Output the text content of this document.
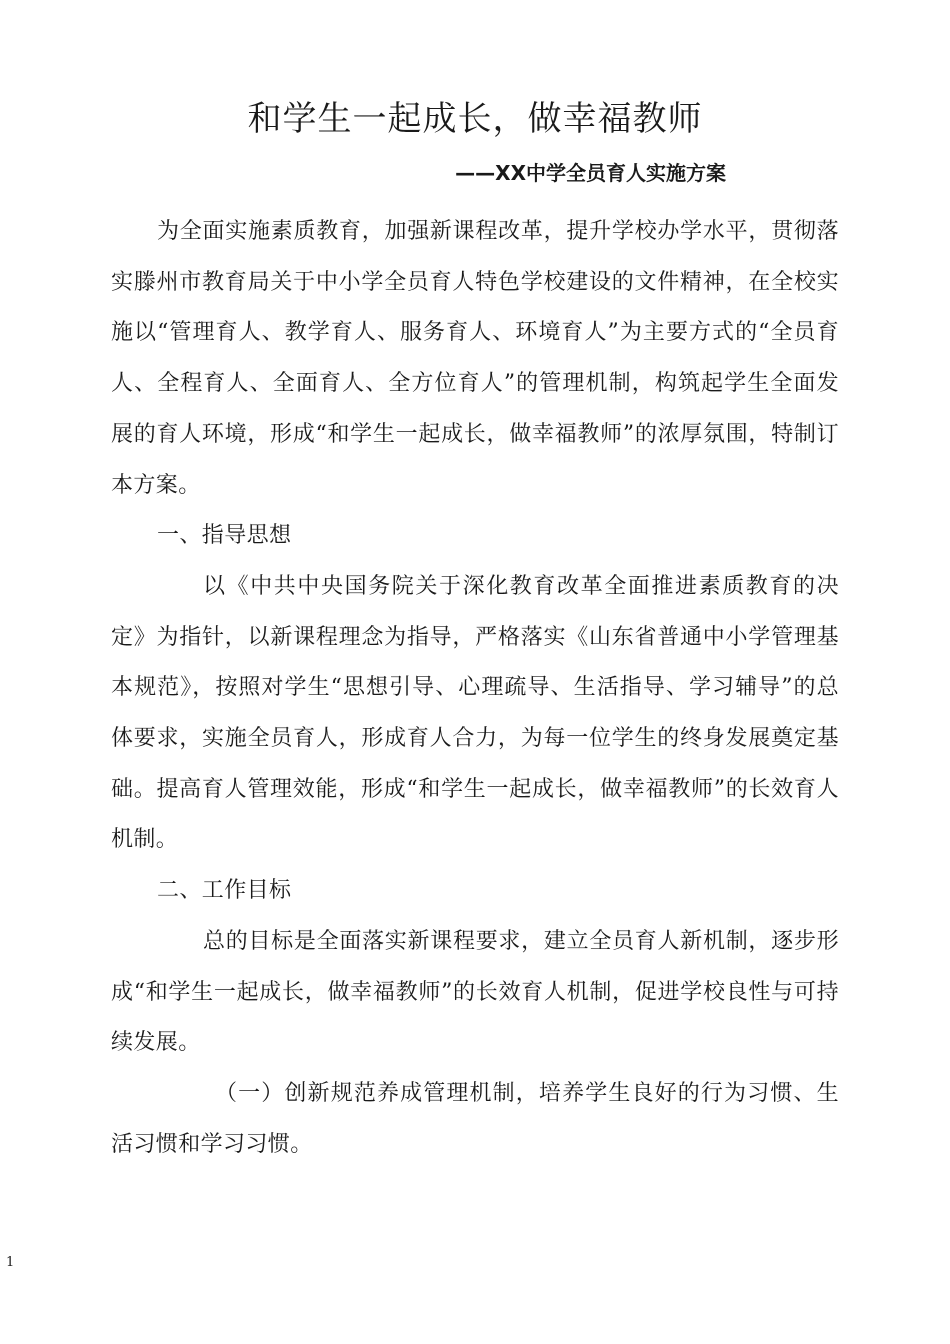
和学生一起成长，做幸福教师

——XX中学全员育人实施方案

为全面实施素质教育，加强新课程改革，提升学校办学水平，贯彻落实滕州市教育局关于中小学全员育人特色学校建设的文件精神，在全校实施以“管理育人、教学育人、服务育人、环境育人”为主要方式的“全员育人、全程育人、全面育人、全方位育人”的管理机制，构筑起学生全面发展的育人环境，形成“和学生一起成长，做幸福教师”的浓厚氛围，特制订本方案。

一、指导思想

以《中共中央国务院关于深化教育改革全面推进素质教育的决定》为指针，以新课程理念为指导，严格落实《山东省普通中小学管理基本规范》，按照对学生“思想引导、心理疏导、生活指导、学习辅导”的总体要求，实施全员育人，形成育人合力，为每一位学生的终身发展奠定基础。提高育人管理效能，形成“和学生一起成长，做幸福教师”的长效育人机制。

二、工作目标

总的目标是全面落实新课程要求，建立全员育人新机制，逐步形成“和学生一起成长，做幸福教师”的长效育人机制，促进学校良性与可持续发展。

（一）创新规范养成管理机制，培养学生良好的行为习惯、生活习惯和学习习惯。

1
